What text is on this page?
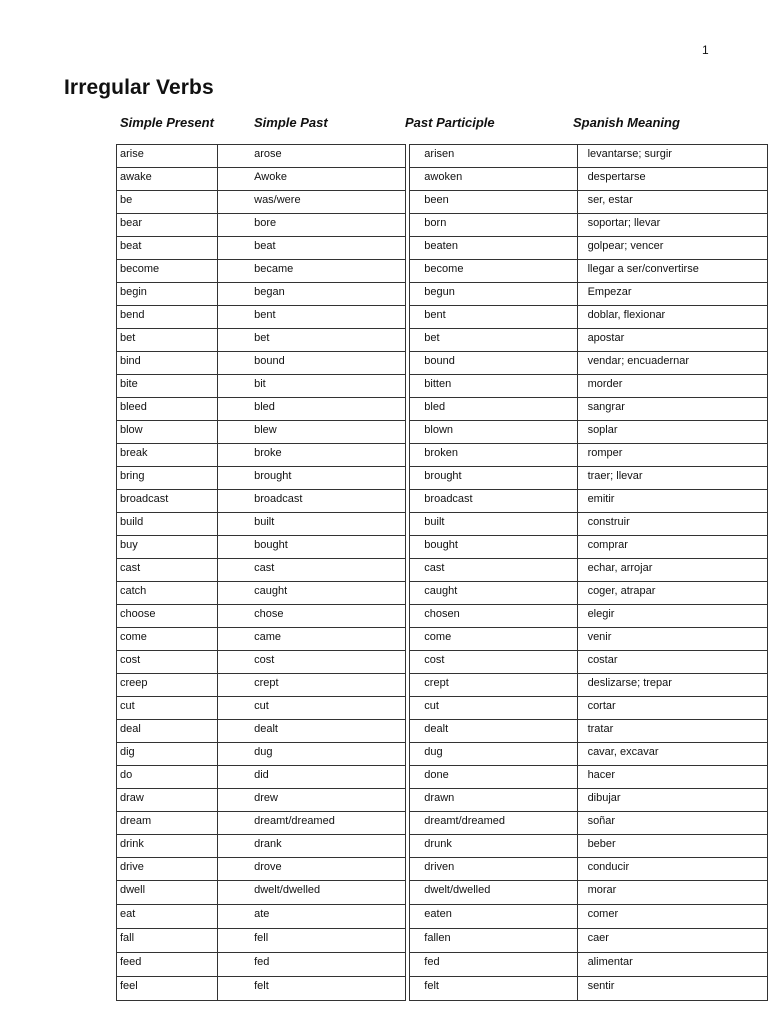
1
Irregular Verbs
Simple Present	Simple Past	Past Participle	Spanish Meaning
arise	arose		arisen	levantarse; surgir
awake	Awoke		awoken	despertarse
be	was/were		been	ser, estar
bear	bore		born	soportar; llevar
beat	beat		beaten	golpear; vencer
become	became		become	llegar a ser/convertirse
begin	began		begun	Empezar
bend	bent		bent	doblar, flexionar
bet	bet		bet	apostar
bind	bound		bound	vendar; encuadernar
bite	bit		bitten	morder
bleed	bled		bled	sangrar
blow	blew		blown	soplar
break	broke		broken	romper
bring	brought		brought	traer; llevar
broadcast	broadcast		broadcast	emitir
build	built		built	construir
buy	bought		bought	comprar
cast	cast		cast	echar, arrojar
catch	caught		caught	coger, atrapar
choose	chose		chosen	elegir
come	came		come	venir
cost	cost		cost	costar
creep	crept		crept	deslizarse; trepar
cut	cut		cut	cortar
deal	dealt		dealt	tratar
dig	dug		dug	cavar, excavar
do	did		done	hacer
draw	drew		drawn	dibujar
dream	dreamt/dreamed		dreamt/dreamed	soñar
drink	drank		drunk	beber
drive	drove		driven	conducir
dwell	dwelt/dwelled		dwelt/dwelled	morar
eat	ate		eaten	comer
fall	fell		fallen	caer
feed	fed		fed	alimentar
feel	felt		felt	sentir
